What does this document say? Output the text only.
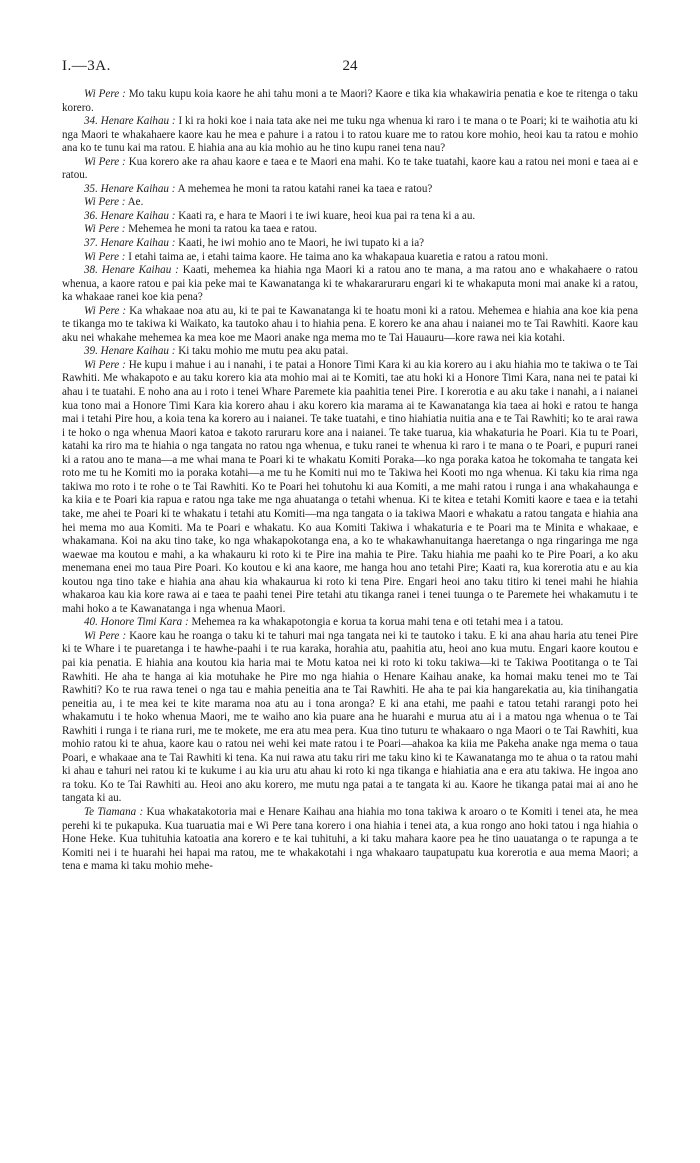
I.—3A.	24

Wi Pere : Mo taku kupu koia kaore he ahi tahu moni a te Maori? Kaore e tika kia whakawiria penatia e koe te ritenga o taku korero.

34. Henare Kaihau : I ki ra hoki koe i naia tata ake nei me tuku nga whenua ki raro i te mana o te Poari; ki te waihotia atu ki nga Maori te whakahaere kaore kau he mea e pahure i a ratou i to ratou kuare me to ratou kore mohio, heoi kau ta ratou e mohio ana ko te tunu kai ma ratou. E hiahia ana au kia mohio au he tino kupu ranei tena nau?

Wi Pere : Kua korero ake ra ahau kaore e taea e te Maori ena mahi. Ko te take tuatahi, kaore kau a ratou nei moni e taea ai e ratou.

35. Henare Kaihau : A mehemea he moni ta ratou katahi ranei ka taea e ratou?

Wi Pere : Ae.

36. Henare Kaihau : Kaati ra, e hara te Maori i te iwi kuare, heoi kua pai ra tena ki a au.

Wi Pere : Mehemea he moni ta ratou ka taea e ratou.

37. Henare Kaihau : Kaati, he iwi mohio ano te Maori, he iwi tupato ki a ia?

Wi Pere : I etahi taima ae, i etahi taima kaore. He taima ano ka whakapaua kuaretia e ratou a ratou moni.

38. Henare Kaihau : Kaati, mehemea ka hiahia nga Maori ki a ratou ano te mana, a ma ratou ano e whakahaere o ratou whenua, a kaore ratou e pai kia peke mai te Kawanatanga ki te whakararuraru engari ki te whakaputa moni mai anake ki a ratou, ka whakaae ranei koe kia pena?

Wi Pere : Ka whakaae noa atu au, ki te pai te Kawanatanga ki te hoatu moni ki a ratou. Mehemea e hiahia ana koe kia pena te tikanga mo te takiwa ki Waikato, ka tautoko ahau i to hiahia pena. E korero ke ana ahau i naianei mo te Tai Rawhiti. Kaore kau aku nei whakahe mehemea ka mea koe me Maori anake nga mema mo te Tai Hauauru—kore rawa nei kia kotahi.

39. Henare Kaihau : Ki taku mohio me mutu pea aku patai.

Wi Pere : He kupu i mahue i au i nanahi, i te patai a Honore Timi Kara ki au kia korero au i aku hiahia mo te takiwa o te Tai Rawhiti. Me whakapoto e au taku korero kia ata mohio mai ai te Komiti, tae atu hoki ki a Honore Timi Kara, nana nei te patai ki ahau i te tuatahi. E noho ana au i roto i tenei Whare Paremete kia paahitia tenei Pire. I korerotia e au aku take i nanahi, a i naianei kua tono mai a Honore Timi Kara kia korero ahau i aku korero kia marama ai te Kawanatanga kia taea ai hoki e ratou te hanga mai i tetahi Pire hou, a koia tena ka korero au i naianei. Te take tuatahi, e tino hiahiatia nuitia ana e te Tai Rawhiti; ko te arai rawa i te hoko o nga whenua Maori katoa e takoto raruraru kore ana i naianei. Te take tuarua, kia whakaturia he Poari. Kia tu te Poari, katahi ka riro ma te hiahia o nga tangata no ratou nga whenua, e tuku ranei te whenua ki raro i te mana o te Poari, e pupuri ranei ki a ratou ano te mana—a me whai mana te Poari ki te whakatu Komiti Poraka—ko nga poraka katoa he tokomaha te tangata kei roto me tu he Komiti mo ia poraka kotahi—a me tu he Komiti nui mo te Takiwa hei Kooti mo nga whenua. Ki taku kia rima nga takiwa mo roto i te rohe o te Tai Rawhiti. Ko te Poari hei tohutohu ki aua Komiti, a me mahi ratou i runga i ana whakahaunga e ka kiia e te Poari kia rapua e ratou nga take me nga ahuatanga o tetahi whenua. Ki te kitea e tetahi Komiti kaore e taea e ia tetahi take, me ahei te Poari ki te whakatu i tetahi atu Komiti—ma nga tangata o ia takiwa Maori e whakatu a ratou tangata e hiahia ana hei mema mo aua Komiti. Ma te Poari e whakatu. Ko aua Komiti Takiwa i whakaturia e te Poari ma te Minita e whakaae, e whakamana. Koi na aku tino take, ko nga whakapokotanga ena, a ko te whakawhanuitanga haeretanga o nga ringaringa me nga waewae ma koutou e mahi, a ka whakauru ki roto ki te Pire ina mahia te Pire. Taku hiahia me paahi ko te Pire Poari, a ko aku menemana enei mo taua Pire Poari. Ko koutou e ki ana kaore, me hanga hou ano tetahi Pire; Kaati ra, kua korerotia atu e au kia koutou nga tino take e hiahia ana ahau kia whakaurua ki roto ki tena Pire. Engari heoi ano taku titiro ki tenei mahi he hiahia whakaroa kau kia kore rawa ai e taea te paahi tenei Pire tetahi atu tikanga ranei i tenei tuunga o te Paremete hei whakamutu i te mahi hoko a te Kawanatanga i nga whenua Maori.

40. Honore Timi Kara : Mehemea ra ka whakapotongia e korua ta korua mahi tena e oti tetahi mea i a tatou.

Wi Pere : Kaore kau he roanga o taku ki te tahuri mai nga tangata nei ki te tautoko i taku. E ki ana ahau haria atu tenei Pire ki te Whare i te puaretanga i te hawhe-paahi i te rua karaka, horahia atu, paahitia atu, heoi ano kua mutu. Engari kaore koutou e pai kia penatia. E hiahia ana koutou kia haria mai te Motu katoa nei ki roto ki toku takiwa—ki te Takiwa Pootitanga o te Tai Rawhiti. He aha te hanga ai kia motuhake he Pire mo nga hiahia o Henare Kaihau anake, ka homai maku tenei mo te Tai Rawhiti? Ko te rua rawa tenei o nga tau e mahia peneitia ana te Tai Rawhiti. He aha te pai kia hangarekatia au, kia tinihangatia peneitia au, i te mea kei te kite marama noa atu au i tona aronga? E ki ana etahi, me paahi e tatou tetahi rarangi poto hei whakamutu i te hoko whenua Maori, me te waiho ano kia puare ana he huarahi e murua atu ai i a matou nga whenua o te Tai Rawhiti i runga i te riana ruri, me te mokete, me era atu mea pera. Kua tino tuturu te whakaaro o nga Maori o te Tai Rawhiti, kua mohio ratou ki te ahua, kaore kau o ratou nei wehi kei mate ratou i te Poari—ahakoa ka kiia me Pakeha anake nga mema o taua Poari, e whakaae ana te Tai Rawhiti ki tena. Ka nui rawa atu taku riri me taku kino ki te Kawanatanga mo te ahua o ta ratou mahi ki ahau e tahuri nei ratou ki te kukume i au kia uru atu ahau ki roto ki nga tikanga e hiahiatia ana e era atu takiwa. He ingoa ano ra toku. Ko te Tai Rawhiti au. Heoi ano aku korero, me mutu nga patai a te tangata ki au. Kaore he tikanga patai mai ai ano he tangata ki au.

Te Tiamana : Kua whakatakotoria mai e Henare Kaihau ana hiahia mo tona takiwa k aroaro o te Komiti i tenei ata, he mea perehi ki te pukapuka. Kua tuaruatia mai e Wi Pere tana korero i ona hiahia i tenei ata, a kua rongo ano hoki tatou i nga hiahia o Hone Heke. Kua tuhituhia katoatia ana korero e te kai tuhituhi, a ki taku mahara kaore pea he tino uauatanga o te rapunga a te Komiti nei i te huarahi hei hapai ma ratou, me te whakakotahi i nga whakaaro taupatupatu kua korerotia e aua mema Maori; a tena e mama ki taku mohio mehe-
